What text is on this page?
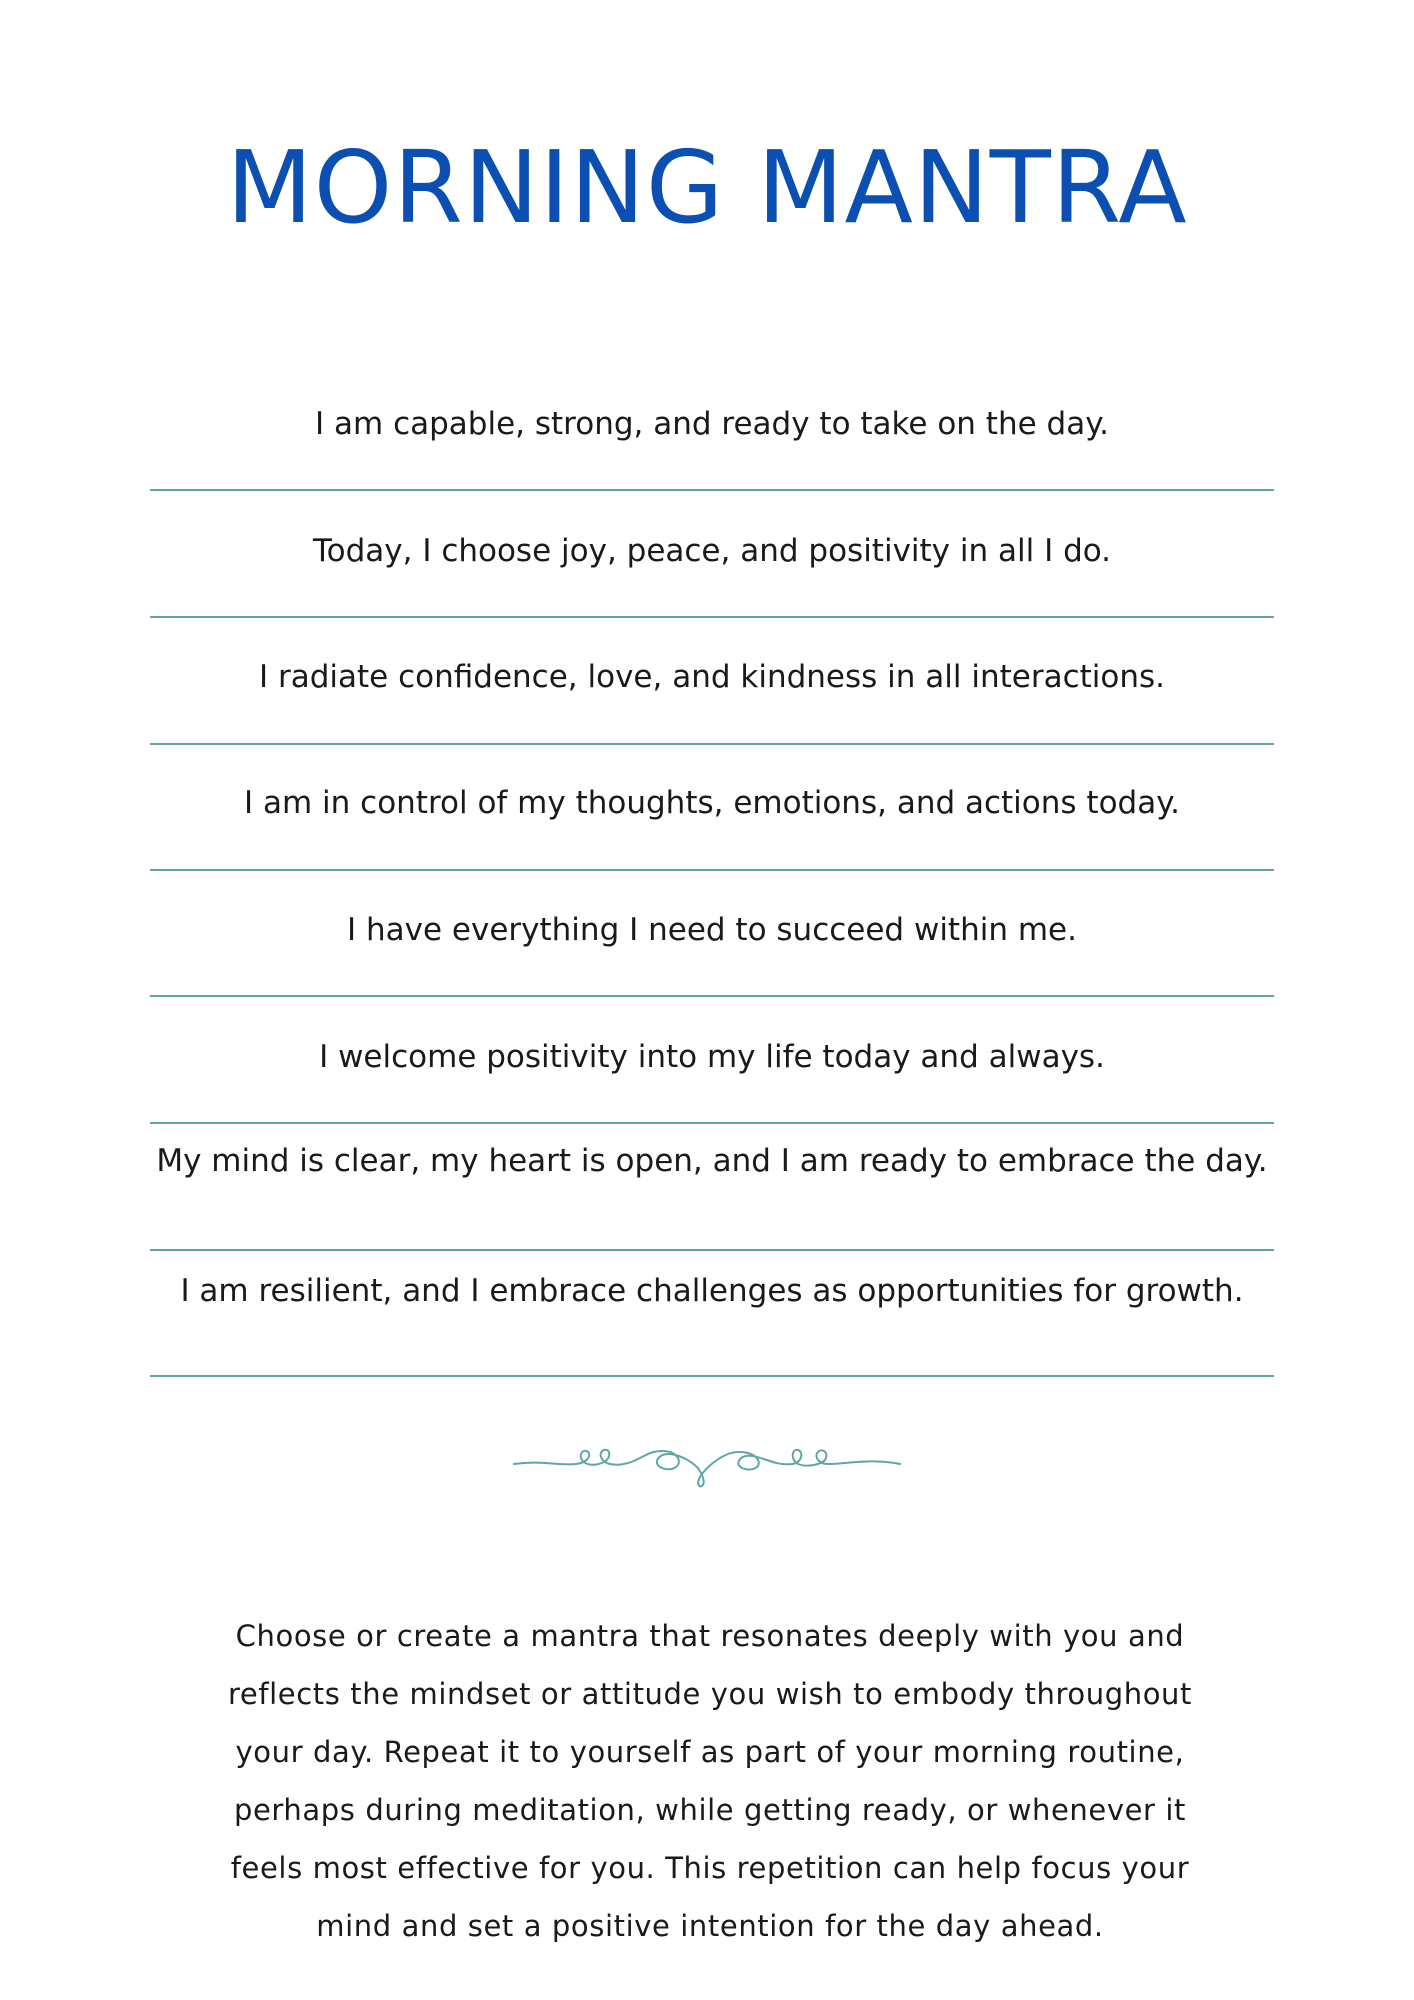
MORNING MANTRA

I am capable, strong, and ready to take on the day.

Today, I choose joy, peace, and positivity in all I do.

I radiate confidence, love, and kindness in all interactions.

I am in control of my thoughts, emotions, and actions today.

I have everything I need to succeed within me.

I welcome positivity into my life today and always.

My mind is clear, my heart is open, and I am ready to embrace the day.

I am resilient, and I embrace challenges as opportunities for growth.

Choose or create a mantra that resonates deeply with you and

reflects the mindset or attitude you wish to embody throughout

your day. Repeat it to yourself as part of your morning routine,

perhaps during meditation, while getting ready, or whenever it

feels most effective for you. This repetition can help focus your

mind and set a positive intention for the day ahead.
